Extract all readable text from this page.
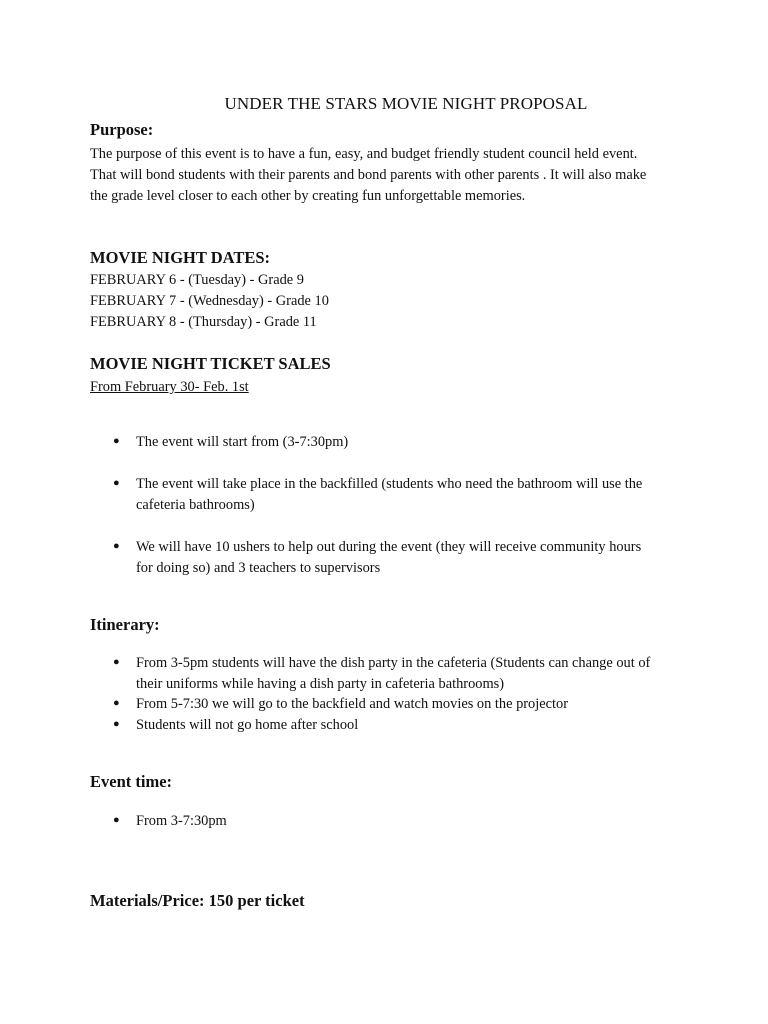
UNDER THE STARS MOVIE NIGHT PROPOSAL
Purpose:
The purpose of this event is to have a fun, easy, and budget friendly student council held event.
That will bond students with their parents and bond parents with other parents . It will also make
the grade level closer to each other by creating fun unforgettable memories.
MOVIE NIGHT DATES:
FEBRUARY 6 - (Tuesday) - Grade 9
FEBRUARY 7 - (Wednesday) - Grade 10
FEBRUARY 8 - (Thursday) - Grade 11
MOVIE NIGHT TICKET SALES
From February 30- Feb. 1st
● The event will start from (3-7:30pm)
● The event will take place in the backfilled (students who need the bathroom will use the
cafeteria bathrooms)
● We will have 10 ushers to help out during the event (they will receive community hours
for doing so) and 3 teachers to supervisors
Itinerary:
● From 3-5pm students will have the dish party in the cafeteria (Students can change out of
their uniforms while having a dish party in cafeteria bathrooms)
● From 5-7:30 we will go to the backfield and watch movies on the projector
● Students will not go home after school
Event time:
● From 3-7:30pm
Materials/Price: 150 per ticket
